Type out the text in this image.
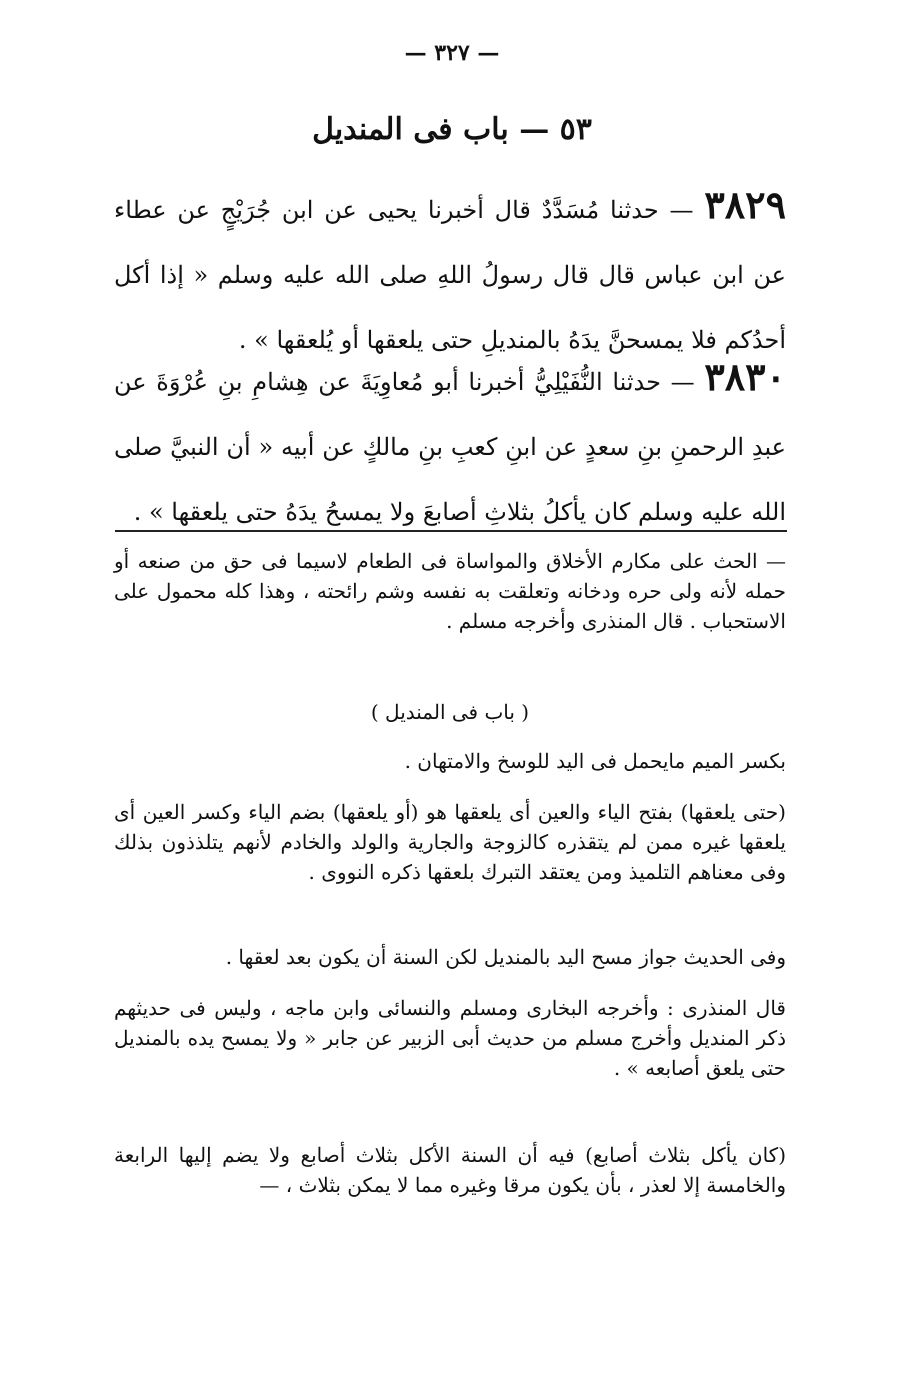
— ٣٢٧ —
٥٣ — باب فى المنديل
٣٨٢٩ — حدثنا مُسَدَّدٌ قال أخبرنا يحيى عن ابن جُرَيْجٍ عن عطاء عن ابن عباس قال قال رسولُ اللهِ صلى الله عليه وسلم « إذا أكل أحدُكم فلا يمسحنَّ يدَهُ بالمنديلِ حتى يلعقها أو يُلعقها » .
٣٨٣٠ — حدثنا النُّفَيْلِيُّ أخبرنا أبو مُعاوِيَةَ عن هِشامِ بنِ عُرْوَةَ عن عبدِ الرحمنِ بنِ سعدٍ عن ابنِ كعبِ بنِ مالكٍ عن أبيه « أن النبيَّ صلى الله عليه وسلم كان يأكلُ بثلاثِ أصابعَ ولا يمسحُ يدَهُ حتى يلعقها » .

— الحث على مكارم الأخلاق والمواساة فى الطعام لاسيما فى حق من صنعه أو حمله لأنه ولى حره ودخانه وتعلقت به نفسه وشم رائحته ، وهذا كله محمول على الاستحباب . قال المنذرى وأخرجه مسلم .

( باب فى المنديل )

بكسر الميم مايحمل فى اليد للوسخ والامتهان .

(حتى يلعقها) بفتح الياء والعين أى يلعقها هو (أو يلعقها) بضم الياء وكسر العين أى يلعقها غيره ممن لم يتقذره كالزوجة والجارية والولد والخادم لأنهم يتلذذون بذلك وفى معناهم التلميذ ومن يعتقد التبرك بلعقها ذكره النووى .

وفى الحديث جواز مسح اليد بالمنديل لكن السنة أن يكون بعد لعقها .

قال المنذرى : وأخرجه البخارى ومسلم والنسائى وابن ماجه ، وليس فى حديثهم ذكر المنديل وأخرج مسلم من حديث أبى الزبير عن جابر « ولا يمسح يده بالمنديل حتى يلعق أصابعه » .

(كان يأكل بثلاث أصابع) فيه أن السنة الأكل بثلاث أصابع ولا يضم إليها الرابعة والخامسة إلا لعذر ، بأن يكون مرقا وغيره مما لا يمكن بثلاث ، —
